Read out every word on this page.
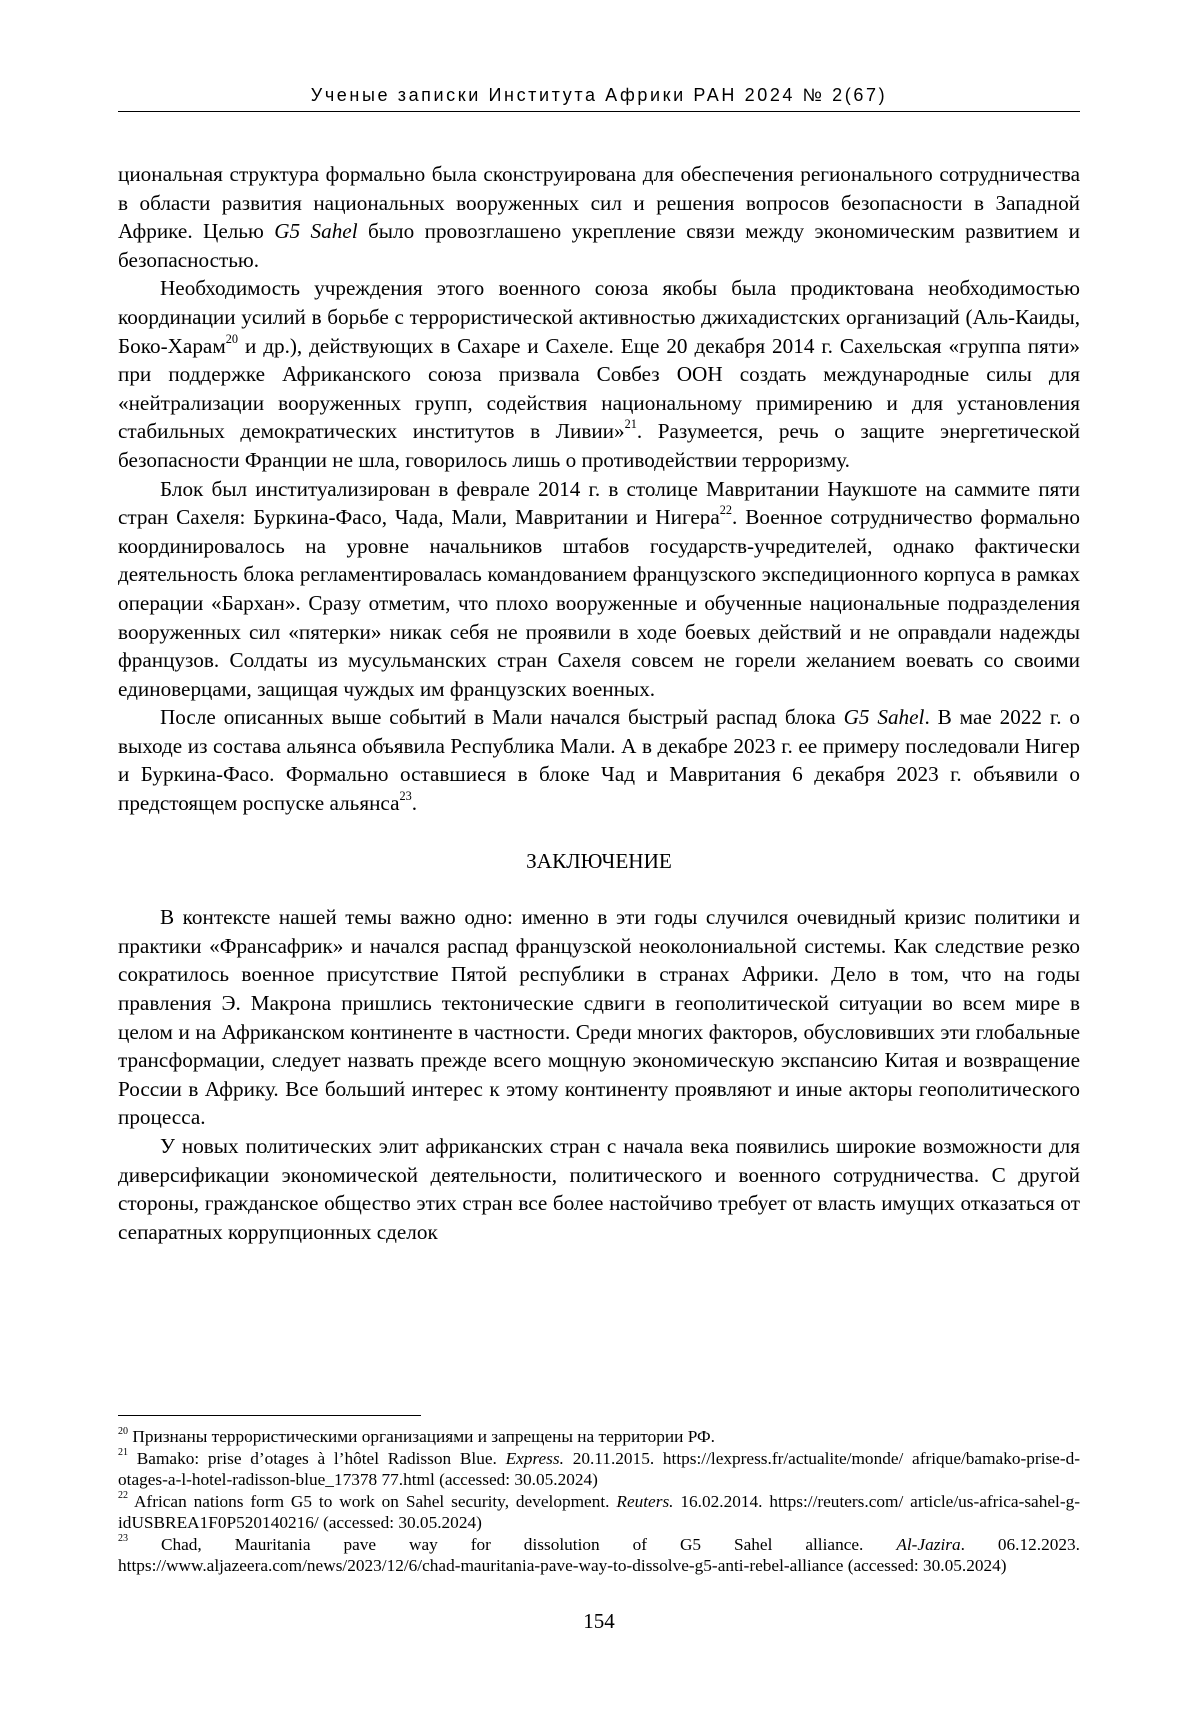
Ученые записки Института Африки РАН 2024 № 2(67)

циональная структура формально была сконструирована для обеспечения регионального сотрудничества в области развития национальных вооруженных сил и решения вопросов безопасности в Западной Африке. Целью G5 Sahel было провозглашено укрепление связи между экономическим развитием и безопасностью.

Необходимость учреждения этого военного союза якобы была продиктована необходимостью координации усилий в борьбе с террористической активностью джихадистских организаций (Аль-Каиды, Боко-Харам$^{20}$ и др.), действующих в Сахаре и Сахеле. Еще 20 декабря 2014 г. Сахельская «группа пяти» при поддержке Африканского союза призвала Совбез ООН создать международные силы для «нейтрализации вооруженных групп, содействия национальному примирению и для установления стабильных демократических институтов в Ливии»$^{21}$. Разумеется, речь о защите энергетической безопасности Франции не шла, говорилось лишь о противодействии терроризму.

Блок был институализирован в феврале 2014 г. в столице Мавритании Наукшоте на саммите пяти стран Сахеля: Буркина-Фасо, Чада, Мали, Мавритании и Нигера$^{22}$. Военное сотрудничество формально координировалось на уровне начальников штабов государств-учредителей, однако фактически деятельность блока регламентировалась командованием французского экспедиционного корпуса в рамках операции «Бархан». Сразу отметим, что плохо вооруженные и обученные национальные подразделения вооруженных сил «пятерки» никак себя не проявили в ходе боевых действий и не оправдали надежды французов. Солдаты из мусульманских стран Сахеля совсем не горели желанием воевать со своими единоверцами, защищая чуждых им французских военных.

После описанных выше событий в Мали начался быстрый распад блока G5 Sahel. В мае 2022 г. о выходе из состава альянса объявила Республика Мали. А в декабре 2023 г. ее примеру последовали Нигер и Буркина-Фасо. Формально оставшиеся в блоке Чад и Мавритания 6 декабря 2023 г. объявили о предстоящем роспуске альянса$^{23}$.

ЗАКЛЮЧЕНИЕ

В контексте нашей темы важно одно: именно в эти годы случился очевидный кризис политики и практики «Франсафрик» и начался распад французской неоколониальной системы. Как следствие резко сократилось военное присутствие Пятой республики в странах Африки. Дело в том, что на годы правления Э. Макрона пришлись тектонические сдвиги в геополитической ситуации во всем мире в целом и на Африканском континенте в частности. Среди многих факторов, обусловивших эти глобальные трансформации, следует назвать прежде всего мощную экономическую экспансию Китая и возвращение России в Африку. Все больший интерес к этому континенту проявляют и иные акторы геополитического процесса.

У новых политических элит африканских стран с начала века появились широкие возможности для диверсификации экономической деятельности, политического и военного сотрудничества. С другой стороны, гражданское общество этих стран все более настойчиво требует от власть имущих отказаться от сепаратных коррупционных сделок

$^{20}$ Признаны террористическими организациями и запрещены на территории РФ.

$^{21}$ Bamako: prise d’otages à l’hôtel Radisson Blue. Express. 20.11.2015. https://lexpress.fr/actualite/monde/ afrique/bamako-prise-d-otages-a-l-hotel-radisson-blue_17378 77.html (accessed: 30.05.2024)

$^{22}$ African nations form G5 to work on Sahel security, development. Reuters. 16.02.2014. https://reuters.com/ article/us-africa-sahel-g-idUSBREA1F0P520140216/ (accessed: 30.05.2024)

$^{23}$ Chad, Mauritania pave way for dissolution of G5 Sahel alliance. Al-Jazira. 06.12.2023. https://www.aljazeera.com/news/2023/12/6/chad-mauritania-pave-way-to-dissolve-g5-anti-rebel-alliance (accessed: 30.05.2024)

154
